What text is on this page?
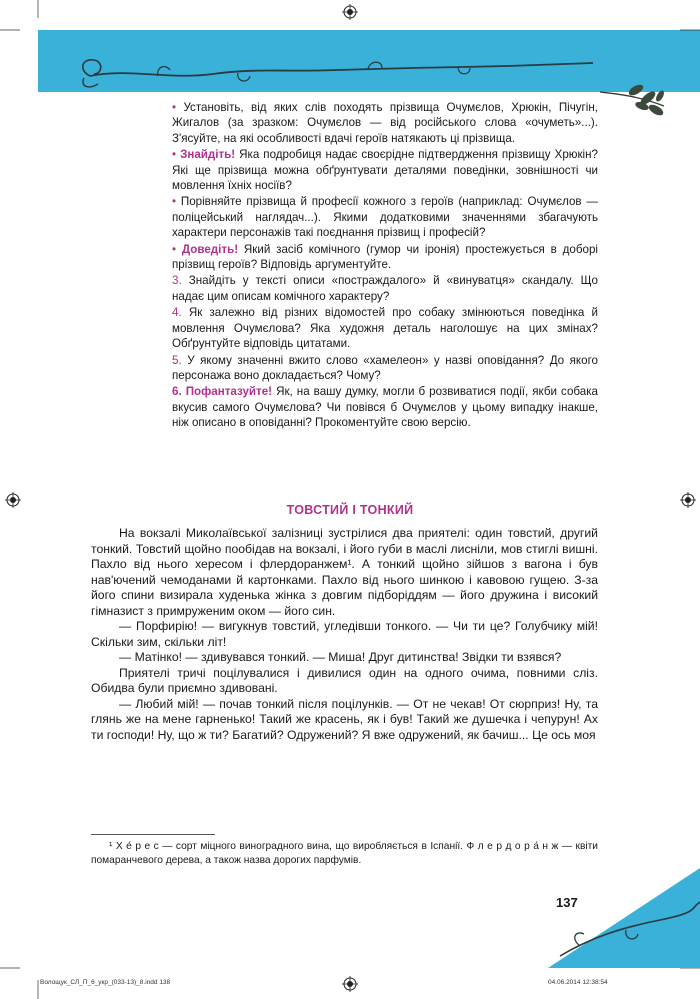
• Установіть, від яких слів походять прізвища Очумєлов, Хрюкін, Пічугін, Жигалов (за зразком: Очумєлов — від російського слова «очуметь»...). З'ясуйте, на які особливості вдачі героїв натякають ці прізвища.

• Знайдіть! Яка подробиця надає своєрідне підтвердження прізвищу Хрюкін? Які ще прізвища можна обґрунтувати деталями поведінки, зовнішності чи мовлення їхніх носіїв?

• Порівняйте прізвища й професії кожного з героїв (наприклад: Очумєлов — поліцейський наглядач...). Якими додатковими значеннями збагачують характери персонажів такі поєднання прізвищ і професій?

• Доведіть! Який засіб комічного (гумор чи іронія) простежується в доборі прізвищ героїв? Відповідь аргументуйте.

3. Знайдіть у тексті описи «постраждалого» й «винуватця» скандалу. Що надає цим описам комічного характеру?

4. Як залежно від різних відомостей про собаку змінюються поведінка й мовлення Очумєлова? Яка художня деталь наголошує на цих змінах? Обґрунтуйте відповідь цитатами.

5. У якому значенні вжито слово «хамелеон» у назві оповідання? До якого персонажа воно докладається? Чому?

6. Пофантазуйте! Як, на вашу думку, могли б розвиватися події, якби собака вкусив самого Очумєлова? Чи повівся б Очумєлов у цьому випадку інакше, ніж описано в оповіданні? Прокоментуйте свою версію.

ТОВСТИЙ І ТОНКИЙ

На вокзалі Миколаївської залізниці зустрілися два приятелі: один товстий, другий тонкий. Товстий щойно пообідав на вокзалі, і його губи в маслі лисніли, мов стиглі вишні. Пахло від нього хересом і флердоранжем¹. А тонкий щойно зійшов з вагона і був нав'ючений чемоданами й картонками. Пахло від нього шинкою і кавовою гущею. З-за його спини визирала худенька жінка з довгим підборіддям — його дружина і високий гімназист з примруженим оком — його син.

— Порфирію! — вигукнув товстий, угледівши тонкого. — Чи ти це? Голубчику мій! Скільки зим, скільки літ!

— Матінко! — здивувався тонкий. — Миша! Друг дитинства! Звідки ти взявся?

Приятелі тричі поцілувалися і дивилися один на одного очима, повними сліз. Обидва були приємно здивовані.

— Любий мій! — почав тонкий після поцілунків. — От не чекав! От сюрприз! Ну, та глянь же на мене гарненько! Такий же красень, як і був! Такий же душечка і чепурун! Ах ти господи! Ну, що ж ти? Багатий? Одружений? Я вже одружений, як бачиш... Це ось моя

¹ Х е́ р е с — сорт міцного виноградного вина, що виробляється в Іспанії. Ф л е р д о р а́ н ж — квіти помаранчевого дерева, а також назва дорогих парфумів.

137
Волощук_СЛ_П_6_укр_(033-13)_8.indd 138	04.06.2014 12:38:54
